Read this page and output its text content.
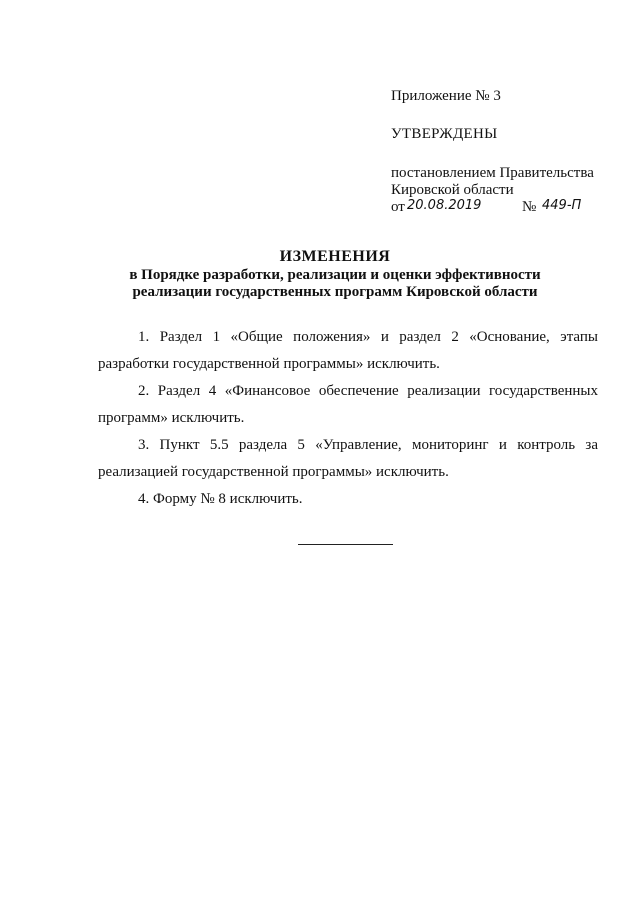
Приложение № 3

УТВЕРЖДЕНЫ

постановлением Правительства

Кировской области

от 20.08.2019	№ 449-П
ИЗМЕНЕНИЯ
в Порядке разработки, реализации и оценки эффективности
реализации государственных программ Кировской области

1. Раздел 1 «Общие положения» и раздел 2 «Основание, этапы разработки государственной программы» исключить.

2. Раздел 4 «Финансовое обеспечение реализации государственных программ» исключить.

3. Пункт 5.5 раздела 5 «Управление, мониторинг и контроль за реализацией государственной программы» исключить.

4. Форму № 8 исключить.
